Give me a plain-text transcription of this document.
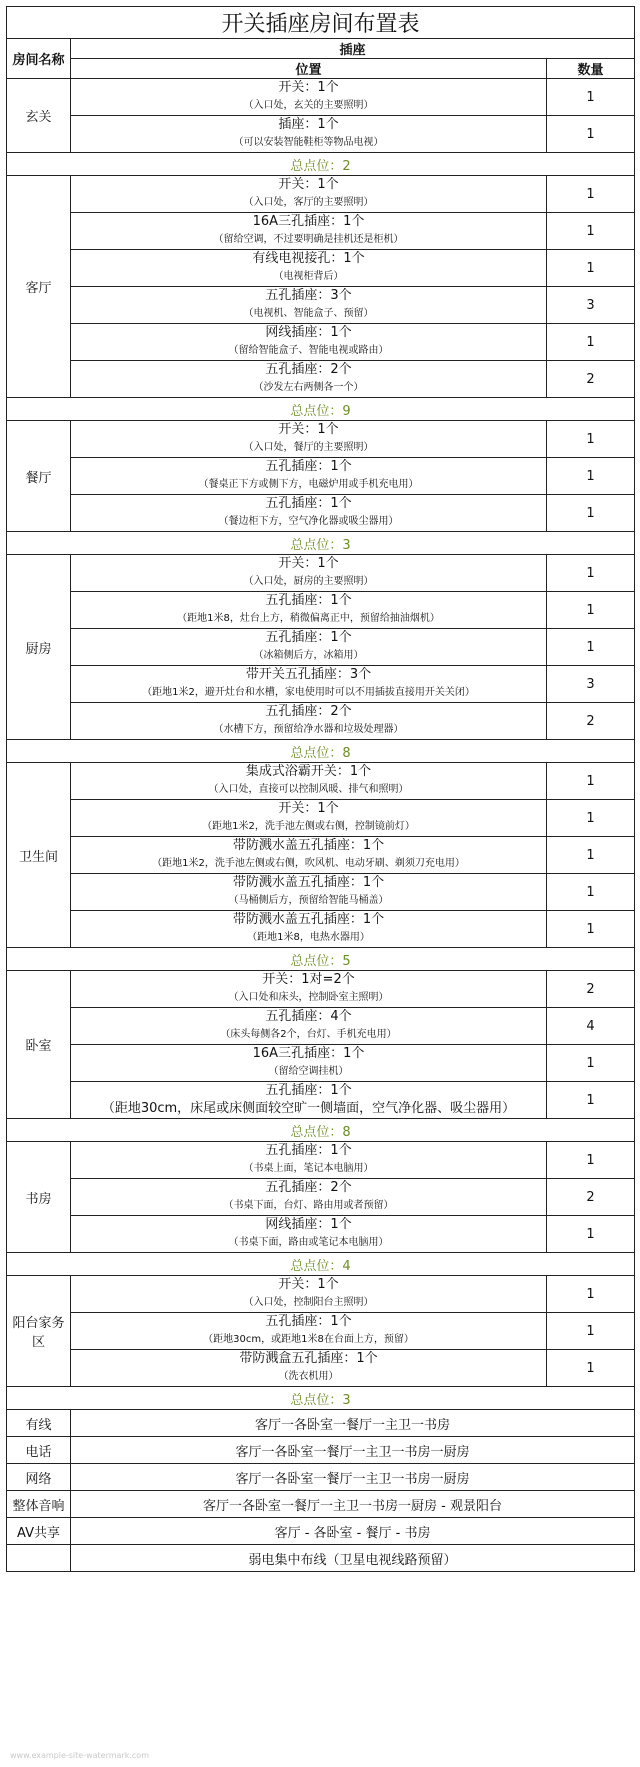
开关插座房间布置表		
房间名称	插座	
	位置	数量
玄关	开关：1个
（入口处，玄关的主要照明）	1

	插座：1个
（可以安装智能鞋柜等物品电视）	1
总点位：2		
客厅	开关：1个
（入口处，客厅的主要照明）	1

	16A三孔插座：1个
（留给空调，不过要明确是挂机还是柜机）	1

	有线电视接孔：1个
（电视柜背后）	1

	五孔插座：3个
（电视机、智能盒子、预留）	3

	网线插座：1个
（留给智能盒子、智能电视或路由）	1

	五孔插座：2个
（沙发左右两侧各一个）	2
总点位：9		
餐厅	开关：1个
（入口处，餐厅的主要照明）	1

	五孔插座：1个
（餐桌正下方或侧下方，电磁炉用或手机充电用）	1

	五孔插座：1个
（餐边柜下方，空气净化器或吸尘器用）	1
总点位：3		
厨房	开关：1个
（入口处，厨房的主要照明）	1

	五孔插座：1个
（距地1米8，灶台上方，稍微偏离正中，预留给抽油烟机）	1

	五孔插座：1个
（冰箱侧后方，冰箱用）	1

	带开关五孔插座：3个
（距地1米2，避开灶台和水槽，家电使用时可以不用插拔直接用开关关闭）	3

	五孔插座：2个
（水槽下方，预留给净水器和垃圾处理器）	2
总点位：8		
卫生间	集成式浴霸开关：1个
（入口处，直接可以控制风暖、排气和照明）	1

	开关：1个
（距地1米2，洗手池左侧或右侧，控制镜前灯）	1

	带防溅水盖五孔插座：1个
（距地1米2，洗手池左侧或右侧，吹风机、电动牙刷、剃须刀充电用）	1

	带防溅水盖五孔插座：1个
（马桶侧后方，预留给智能马桶盖）	1

	带防溅水盖五孔插座：1个
（距地1米8，电热水器用）	1
总点位：5		
卧室	开关：1对=2个
（入口处和床头，控制卧室主照明）	2

	五孔插座：4个
（床头每侧各2个，台灯、手机充电用）	4

	16A三孔插座：1个
（留给空调挂机）	1

	五孔插座：1个
（距地30cm，床尾或床侧面较空旷一侧墙面，空气净化器、吸尘器用）	1
总点位：8		
书房	五孔插座：1个
（书桌上面，笔记本电脑用）	1

	五孔插座：2个
（书桌下面，台灯、路由用或者预留）	2

	网线插座：1个
（书桌下面，路由或笔记本电脑用）	1
总点位：4		
阳台家务区	开关：1个
（入口处，控制阳台主照明）	1

	五孔插座：1个
（距地30cm，或距地1米8在台面上方，预留）	1

	带防溅盒五孔插座：1个
（洗衣机用）	1
总点位：3		
有线	客厅一各卧室一餐厅一主卫一书房	
电话	客厅一各卧室一餐厅一主卫一书房一厨房	
网络	客厅一各卧室一餐厅一主卫一书房一厨房	
整体音响	客厅一各卧室一餐厅一主卫一书房一厨房 - 观景阳台	
AV共享	客厅 - 各卧室 - 餐厅 - 书房	
	弱电集中布线（卫星电视线路预留）	
www.example-site-watermark.com
